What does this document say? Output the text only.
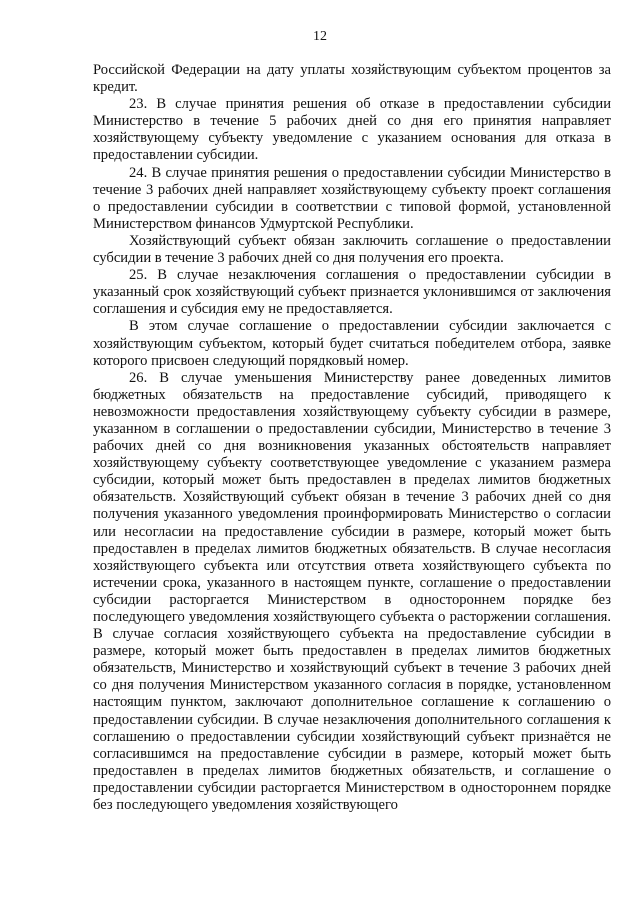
12

Российской Федерации на дату уплаты хозяйствующим субъектом процентов за кредит.

23. В случае принятия решения об отказе в предоставлении субсидии Министерство в течение 5 рабочих дней со дня его принятия направляет хозяйствующему субъекту уведомление с указанием основания для отказа в предоставлении субсидии.

24. В случае принятия решения о предоставлении субсидии Министерство в течение 3 рабочих дней направляет хозяйствующему субъекту проект соглашения о предоставлении субсидии в соответствии с типовой формой, установленной Министерством финансов Удмуртской Республики.

Хозяйствующий субъект обязан заключить соглашение о предоставлении субсидии в течение 3 рабочих дней со дня получения его проекта.

25. В случае незаключения соглашения о предоставлении субсидии в указанный срок хозяйствующий субъект признается уклонившимся от заключения соглашения и субсидия ему не предоставляется.

В этом случае соглашение о предоставлении субсидии заключается с хозяйствующим субъектом, который будет считаться победителем отбора, заявке которого присвоен следующий порядковый номер.

26. В случае уменьшения Министерству ранее доведенных лимитов бюджетных обязательств на предоставление субсидий, приводящего к невозможности предоставления хозяйствующему субъекту субсидии в размере, указанном в соглашении о предоставлении субсидии, Министерство в течение 3 рабочих дней со дня возникновения указанных обстоятельств направляет хозяйствующему субъекту соответствующее уведомление с указанием размера субсидии, который может быть предоставлен в пределах лимитов бюджетных обязательств. Хозяйствующий субъект обязан в течение 3 рабочих дней со дня получения указанного уведомления проинформировать Министерство о согласии или несогласии на предоставление субсидии в размере, который может быть предоставлен в пределах лимитов бюджетных обязательств. В случае несогласия хозяйствующего субъекта или отсутствия ответа хозяйствующего субъекта по истечении срока, указанного в настоящем пункте, соглашение о предоставлении субсидии расторгается Министерством в одностороннем порядке без последующего уведомления хозяйствующего субъекта о расторжении соглашения. В случае согласия хозяйствующего субъекта на предоставление субсидии в размере, который может быть предоставлен в пределах лимитов бюджетных обязательств, Министерство и хозяйствующий субъект в течение 3 рабочих дней со дня получения Министерством указанного согласия в порядке, установленном настоящим пунктом, заключают дополнительное соглашение к соглашению о предоставлении субсидии. В случае незаключения дополнительного соглашения к соглашению о предоставлении субсидии хозяйствующий субъект признаётся не согласившимся на предоставление субсидии в размере, который может быть предоставлен в пределах лимитов бюджетных обязательств, и соглашение о предоставлении субсидии расторгается Министерством в одностороннем порядке без последующего уведомления хозяйствующего
